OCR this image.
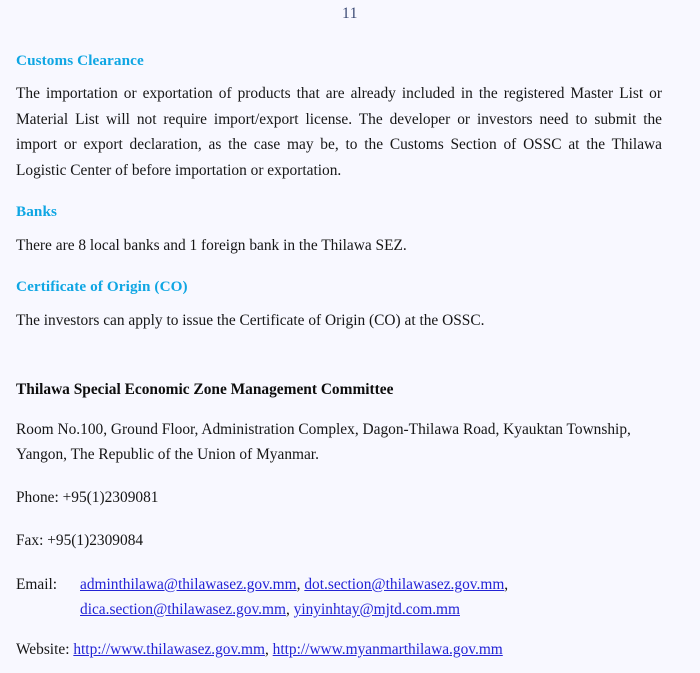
11
Customs Clearance

The importation or exportation of products that are already included in the registered Master List or Material List will not require import/export license. The developer or investors need to submit the import or export declaration, as the case may be, to the Customs Section of OSSC at the Thilawa Logistic Center of before importation or exportation.

Banks

There are 8 local banks and 1 foreign bank in the Thilawa SEZ.

Certificate of Origin (CO)

The investors can apply to issue the Certificate of Origin (CO) at the OSSC.

Thilawa Special Economic Zone Management Committee
Room No.100, Ground Floor, Administration Complex, Dagon-Thilawa Road, Kyauktan Township, Yangon, The Republic of the Union of Myanmar.
Phone: +95(1)2309081
Fax: +95(1)2309084
Email:	adminthilawa@thilawasez.gov.mm, dot.section@thilawasez.gov.mm, dica.section@thilawasez.gov.mm, yinyinhtay@mjtd.com.mm
Website: http://www.thilawasez.gov.mm, http://www.myanmarthilawa.gov.mm
